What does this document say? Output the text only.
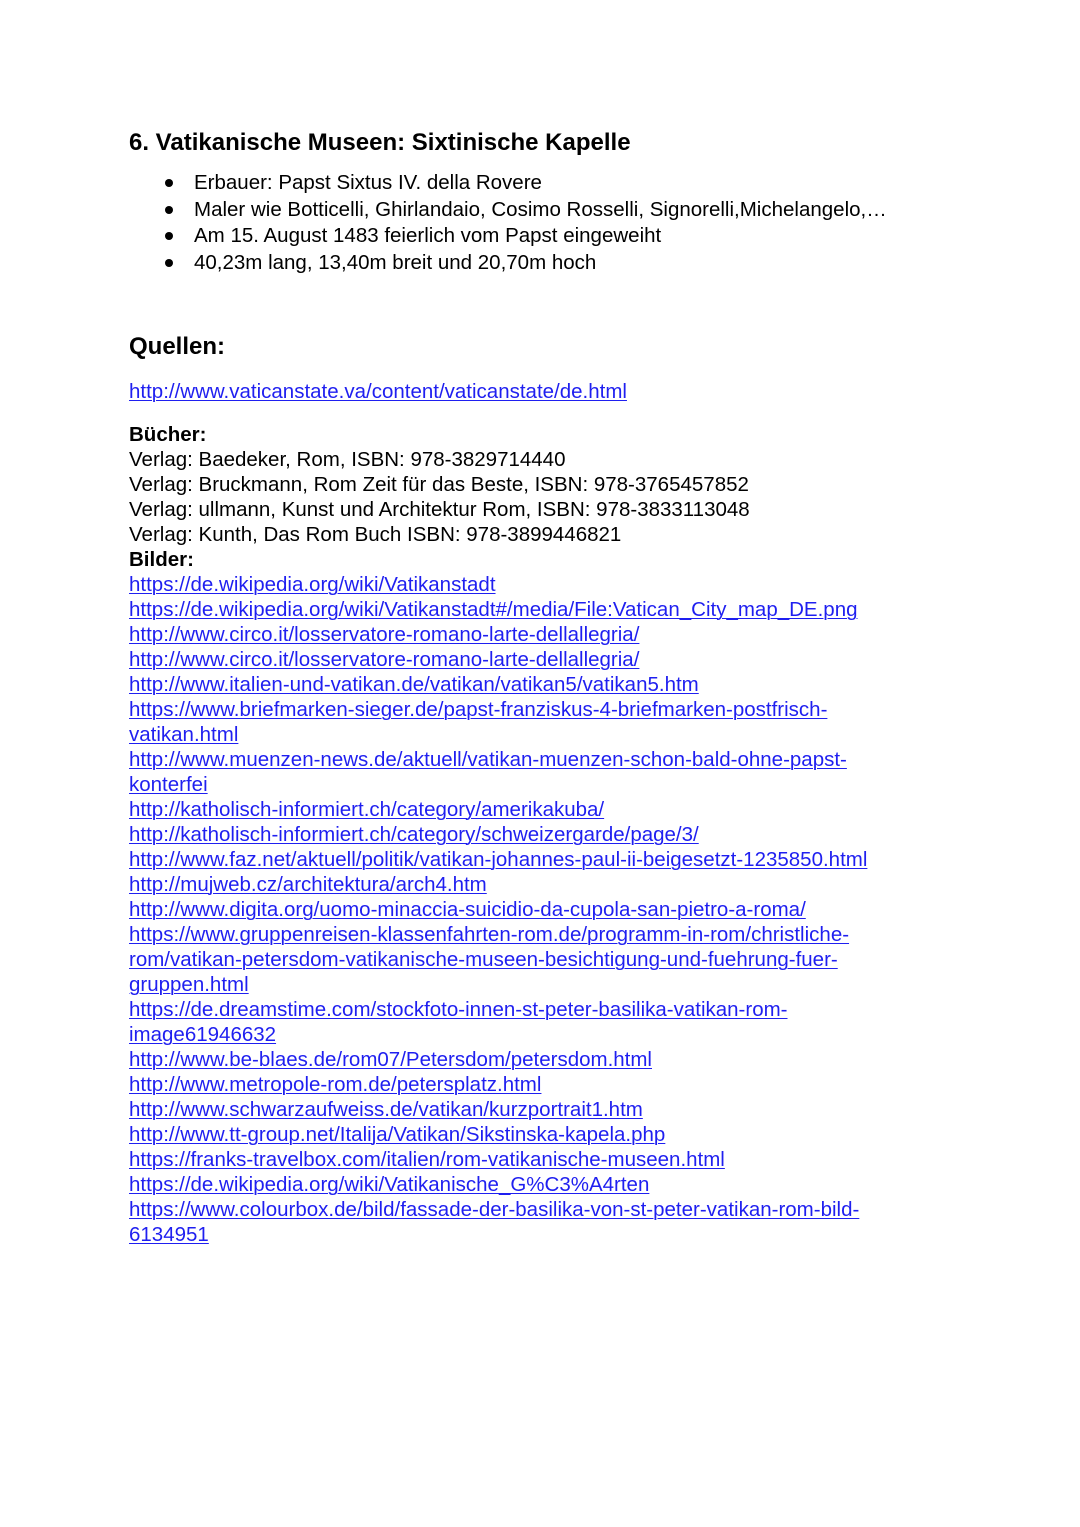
6. Vatikanische Museen: Sixtinische Kapelle
Erbauer: Papst Sixtus IV. della Rovere
Maler wie Botticelli, Ghirlandaio, Cosimo Rosselli, Signorelli,Michelangelo,…
Am 15. August 1483 feierlich vom Papst eingeweiht
40,23m lang, 13,40m breit und 20,70m hoch
Quellen:
http://www.vaticanstate.va/content/vaticanstate/de.html
Bücher:
Verlag: Baedeker, Rom, ISBN: 978-3829714440
Verlag: Bruckmann, Rom Zeit für das Beste, ISBN: 978-3765457852
Verlag: ullmann, Kunst und Architektur Rom, ISBN: 978-3833113048
Verlag: Kunth, Das Rom Buch ISBN: 978-3899446821
Bilder:
https://de.wikipedia.org/wiki/Vatikanstadt
https://de.wikipedia.org/wiki/Vatikanstadt#/media/File:Vatican_City_map_DE.png
http://www.circo.it/losservatore-romano-larte-dellallegria/
http://www.circo.it/losservatore-romano-larte-dellallegria/
http://www.italien-und-vatikan.de/vatikan/vatikan5/vatikan5.htm
https://www.briefmarken-sieger.de/papst-franziskus-4-briefmarken-postfrisch-
vatikan.html
http://www.muenzen-news.de/aktuell/vatikan-muenzen-schon-bald-ohne-papst-
konterfei
http://katholisch-informiert.ch/category/amerikakuba/
http://katholisch-informiert.ch/category/schweizergarde/page/3/
http://www.faz.net/aktuell/politik/vatikan-johannes-paul-ii-beigesetzt-1235850.html
http://mujweb.cz/architektura/arch4.htm
http://www.digita.org/uomo-minaccia-suicidio-da-cupola-san-pietro-a-roma/
https://www.gruppenreisen-klassenfahrten-rom.de/programm-in-rom/christliche-
rom/vatikan-petersdom-vatikanische-museen-besichtigung-und-fuehrung-fuer-
gruppen.html
https://de.dreamstime.com/stockfoto-innen-st-peter-basilika-vatikan-rom-
image61946632
http://www.be-blaes.de/rom07/Petersdom/petersdom.html
http://www.metropole-rom.de/petersplatz.html
http://www.schwarzaufweiss.de/vatikan/kurzportrait1.htm
http://www.tt-group.net/Italija/Vatikan/Sikstinska-kapela.php
https://franks-travelbox.com/italien/rom-vatikanische-museen.html
https://de.wikipedia.org/wiki/Vatikanische_G%C3%A4rten
https://www.colourbox.de/bild/fassade-der-basilika-von-st-peter-vatikan-rom-bild-
6134951
